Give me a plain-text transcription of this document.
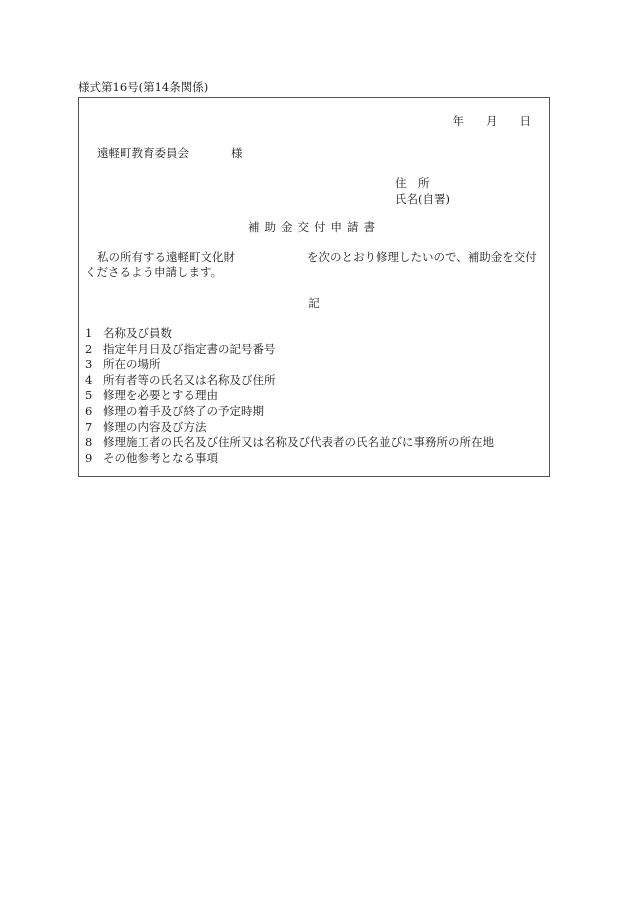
様式第16号(第14条関係)
年 月 日
遠軽町教育委員会	様
住　所
氏名(自署)
補助金交付申請書
私の所有する遠軽町文化財	を次のとおり修理したいので、補助金を交付
くださるよう申請します。
記
1 名称及び員数
2 指定年月日及び指定書の記号番号
3 所在の場所
4 所有者等の氏名又は名称及び住所
5 修理を必要とする理由
6 修理の着手及び終了の予定時期
7 修理の内容及び方法
8 修理施工者の氏名及び住所又は名称及び代表者の氏名並びに事務所の所在地
9 その他参考となる事項
